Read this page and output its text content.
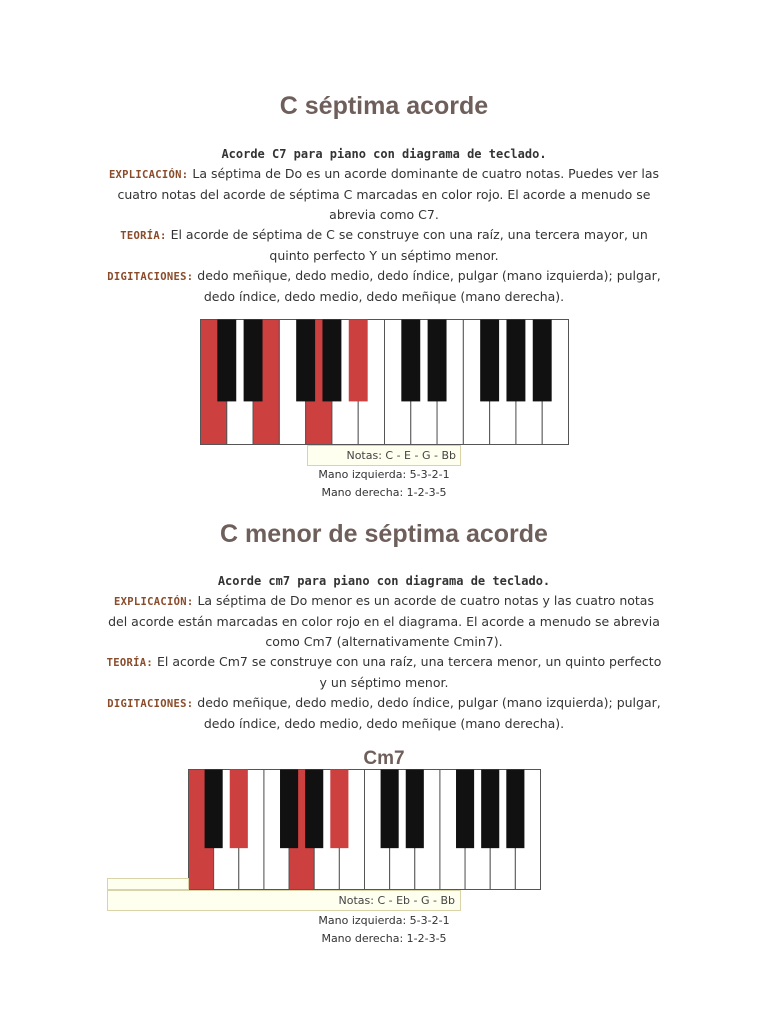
C séptima acorde
Acorde C7 para piano con diagrama de teclado.
EXPLICACIÓN: La séptima de Do es un acorde dominante de cuatro notas. Puedes ver las cuatro notas del acorde de séptima C marcadas en color rojo. El acorde a menudo se abrevia como C7.
TEORÍA: El acorde de séptima de C se construye con una raíz, una tercera mayor, un quinto perfecto Y un séptimo menor.
DIGITACIONES: dedo meñique, dedo medio, dedo índice, pulgar (mano izquierda); pulgar, dedo índice, dedo medio, dedo meñique (mano derecha).
Notas: C - E - G - Bb
Mano izquierda: 5-3-2-1
Mano derecha: 1-2-3-5
C menor de séptima acorde
Acorde cm7 para piano con diagrama de teclado.
EXPLICACIÓN: La séptima de Do menor es un acorde de cuatro notas y las cuatro notas del acorde están marcadas en color rojo en el diagrama. El acorde a menudo se abrevia como Cm7 (alternativamente Cmin7).
TEORÍA: El acorde Cm7 se construye con una raíz, una tercera menor, un quinto perfecto y un séptimo menor.
DIGITACIONES: dedo meñique, dedo medio, dedo índice, pulgar (mano izquierda); pulgar, dedo índice, dedo medio, dedo meñique (mano derecha).
Cm7
Notas: C - Eb - G - Bb
Mano izquierda: 5-3-2-1
Mano derecha: 1-2-3-5
